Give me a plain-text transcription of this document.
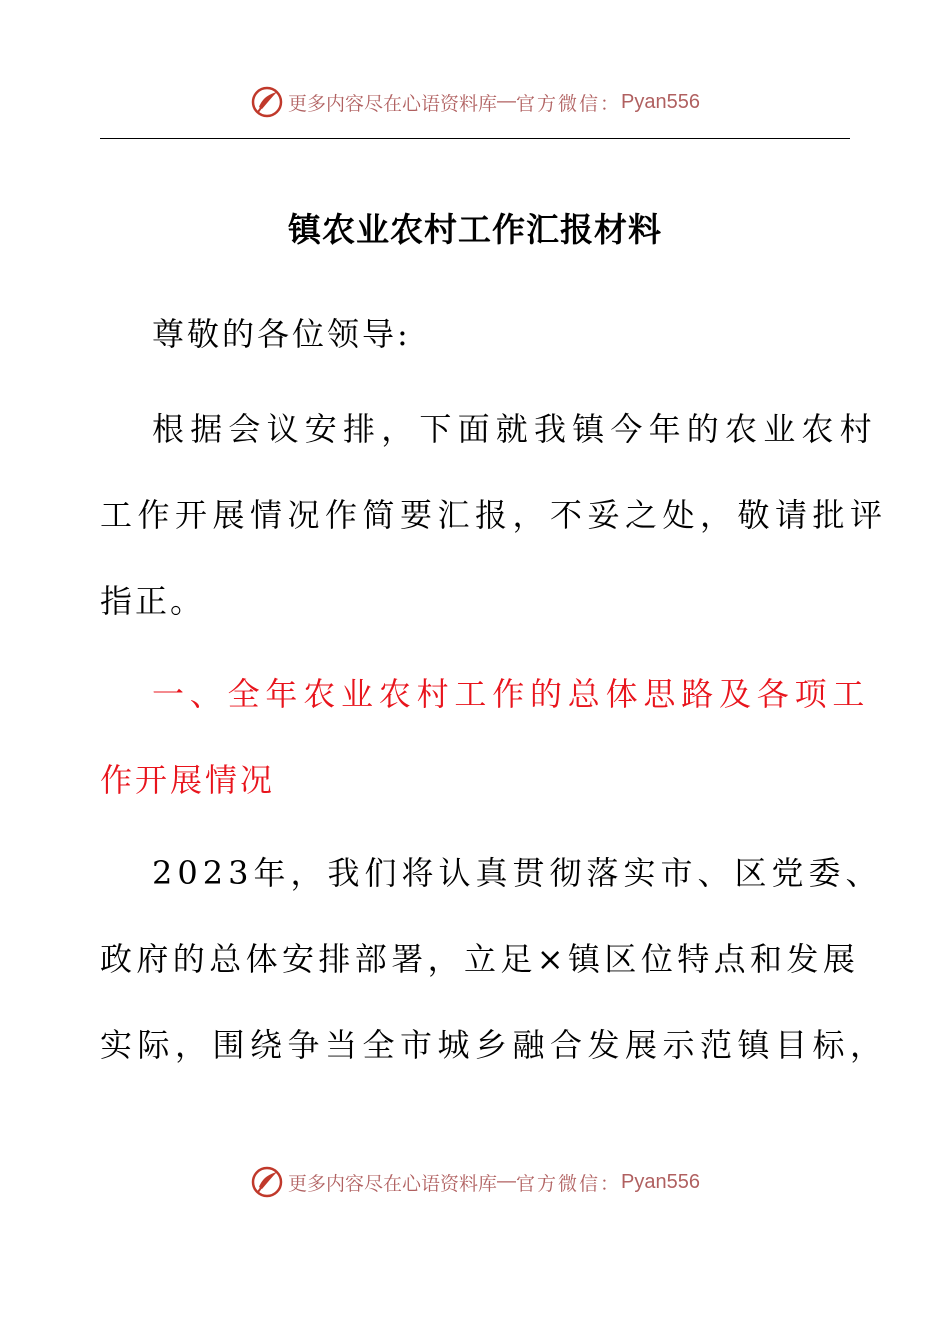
更多内容尽在心语资料库 — 官方微信： Pyan556
镇农业农村工作汇报材料
尊敬的各位领导:
根据会议安排，下面就我镇今年的农业农村
工作开展情况作简要汇报，不妥之处，敬请批评
指正。
一、全年农业农村工作的总体思路及各项工
作开展情况
2023年，我们将认真贯彻落实市、区党委、
政府的总体安排部署，立足×镇区位特点和发展
实际，围绕争当全市城乡融合发展示范镇目标，
更多内容尽在心语资料库 — 官方微信： Pyan556
